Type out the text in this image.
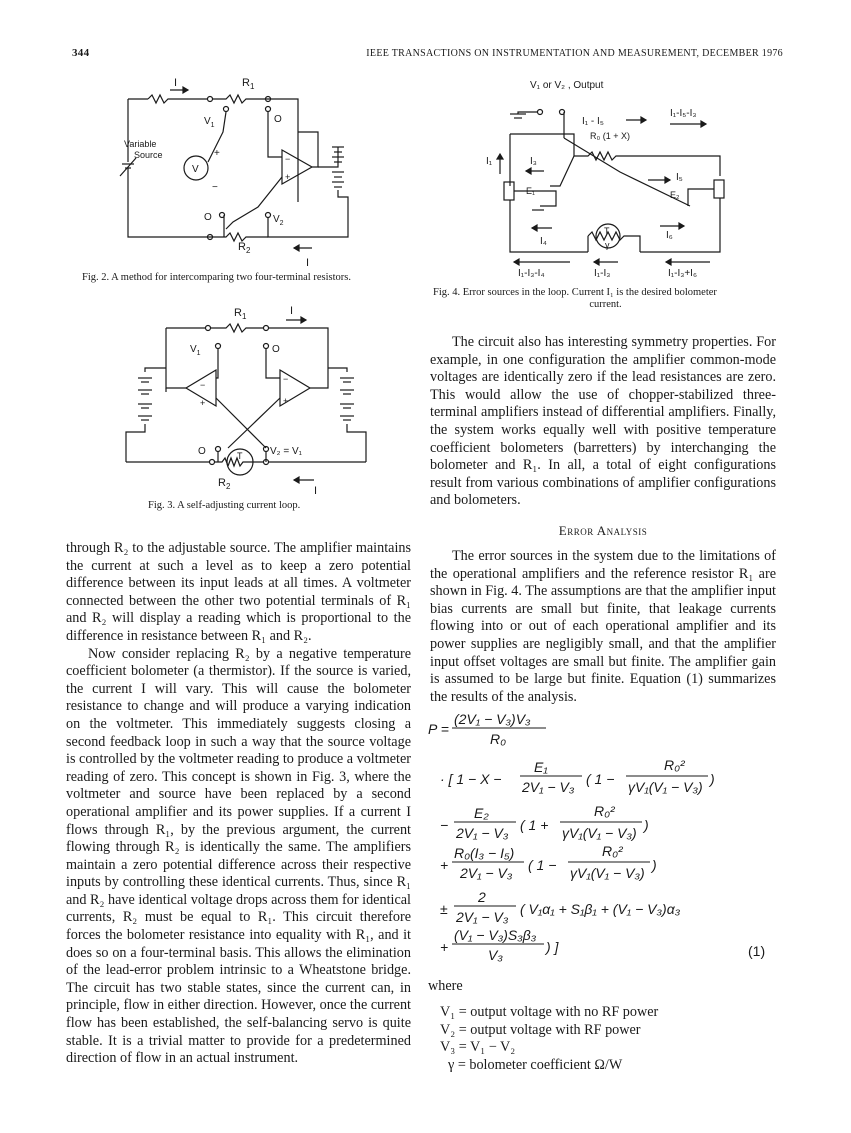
344	IEEE TRANSACTIONS ON INSTRUMENTATION AND MEASUREMENT, DECEMBER 1976
I	$R_1$
Variable
Source
V
+
−
$V_1$
O
−
+
O	$V_2$
$R_2$
I
Fig. 2. A method for intercomparing two four-terminal resistors.
$R_1$	I
$V_1$	O
−
+
−
+
O	V₂ = V₁
T
$R_2$	I
Fig. 3. A self-adjusting current loop.
V₁ or V₂ , Output
I₁ - I₅
I₁-I₅-I₃
R₀ (1 + X)
I₁	I₃
I₅
E₁
I₄
E₂
I₆
T
γ
I₁-I₃-I₄	I₁-I₃	I₁-I₃+I₆
Fig. 4. Error sources in the loop. Current I₁ is the desired bolometer
current.

through R₂ to the adjustable source. The amplifier maintains the current at such a level as to keep a zero potential difference between its input leads at all times. A voltmeter connected between the other two potential terminals of R₁ and R₂ will display a reading which is proportional to the difference in resistance between R₁ and R₂.

Now consider replacing R₂ by a negative temperature coefficient bolometer (a thermistor). If the source is varied, the current I will vary. This will cause the bolometer resistance to change and will produce a varying indication on the voltmeter. This immediately suggests closing a second feedback loop in such a way that the source voltage is controlled by the voltmeter reading to produce a voltmeter reading of zero. This concept is shown in Fig. 3, where the voltmeter and source have been replaced by a second operational amplifier and its power supplies. If a current I flows through R₁, by the previous argument, the current flowing through R₂ is identically the same. The amplifiers maintain a zero potential difference across their respective inputs by controlling these identical currents. Thus, since R₁ and R₂ have identical voltage drops across them for identical currents, R₂ must be equal to R₁. This circuit therefore forces the bolometer resistance into equality with R₁, and it does so on a four-terminal basis. This allows the elimination of the lead-error problem intrinsic to a Wheatstone bridge. The circuit has two stable states, since the current can, in principle, flow in either direction. However, once the current flow has been established, the self-balancing servo is quite stable. It is a trivial matter to provide for a predetermined direction of flow in an actual instrument.

The circuit also has interesting symmetry properties. For example, in one configuration the amplifier common-mode voltages are identically zero if the lead resistances are zero. This would allow the use of chopper-stabilized three-terminal amplifiers instead of differential amplifiers. Finally, the system works equally well with positive temperature coefficient bolometers (barretters) by interchanging the bolometer and R₁. In all, a total of eight configurations result from various combinations of amplifier configurations and bolometers.

Error Analysis

The error sources in the system due to the limitations of the operational amplifiers and the reference resistor R₁ are shown in Fig. 4. The assumptions are that the amplifier input bias currents are small but finite, that leakage currents flowing into or out of each operational amplifier and its power supplies are negligibly small, and that the amplifier input offset voltages are small but finite. The amplifier gain is assumed to be large but finite. Equation (1) summarizes the results of the analysis.

P =
(2V₁ − V₃)V₃
R₀
· [ 1 − X −
E₁
2V₁ − V₃ ( 1 −
R₀²
γV₁(V₁ − V₃) )
−
E₂
2V₁ − V₃ ( 1 +
R₀²
γV₁(V₁ − V₃) )
+
R₀(I₃ − I₅)
2V₁ − V₃ ( 1 −
R₀²
γV₁(V₁ − V₃) )
±
2
2V₁ − V₃ ( V₁α₁ + S₁β₁ + (V₁ − V₃)α₃
+
(V₁ − V₃)S₃β₃
V₃	) ]	(1)
where
V₁ = output voltage with no RF power
V₂ = output voltage with RF power
V₃ = V₁ − V₂
γ = bolometer coefficient Ω/W
